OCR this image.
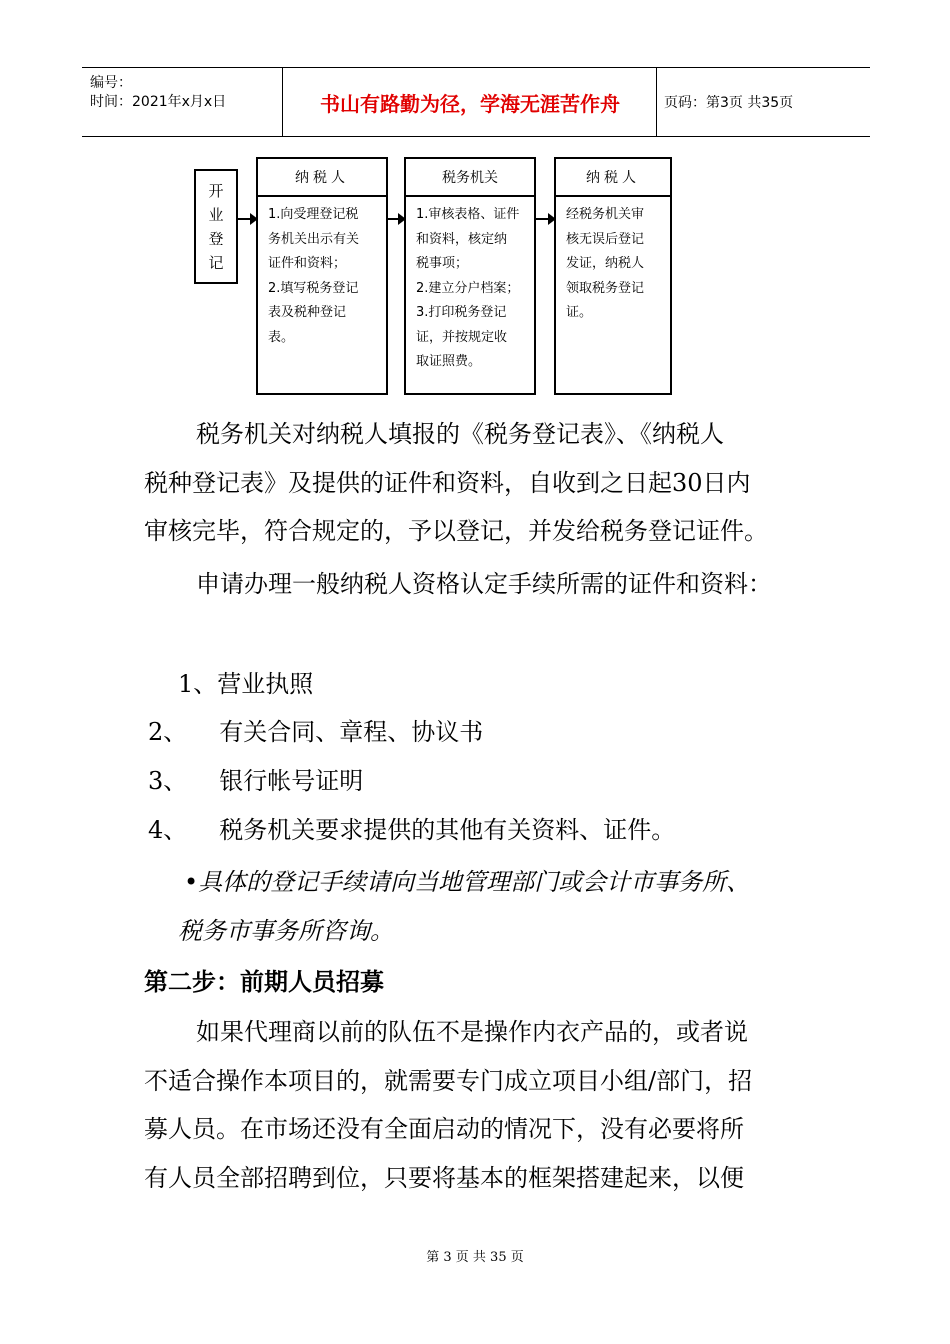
编号：
时间：2021年x月x日	书山有路勤为径，学海无涯苦作舟	页码：第3页 共35页
开业登记
纳税人

1.向受理登记税

务机关出示有关

证件和资料；

2.填写税务登记

表及税种登记

表。

税务机关

1.审核表格、证件

和资料，核定纳

税事项；

2.建立分户档案；

3.打印税务登记

证，并按规定收

取证照费。

纳税人

经税务机关审

核无误后登记

发证，纳税人

领取税务登记

证。

税务机关对纳税人填报的《税务登记表》、《纳税人
税种登记表》及提供的证件和资料，自收到之日起30日内
审核完毕，符合规定的，予以登记，并发给税务登记证件。
申请办理一般纳税人资格认定手续所需的证件和资料：
1、营业执照
2、 有关合同、章程、协议书
3、 银行帐号证明
4、 税务机关要求提供的其他有关资料、证件。
•具体的登记手续请向当地管理部门或会计市事务所、
税务市事务所咨询。
第二步：前期人员招募
如果代理商以前的队伍不是操作内衣产品的，或者说
不适合操作本项目的，就需要专门成立项目小组/部门，招
募人员。在市场还没有全面启动的情况下，没有必要将所
有人员全部招聘到位，只要将基本的框架搭建起来，以便
第 3 页 共 35 页
